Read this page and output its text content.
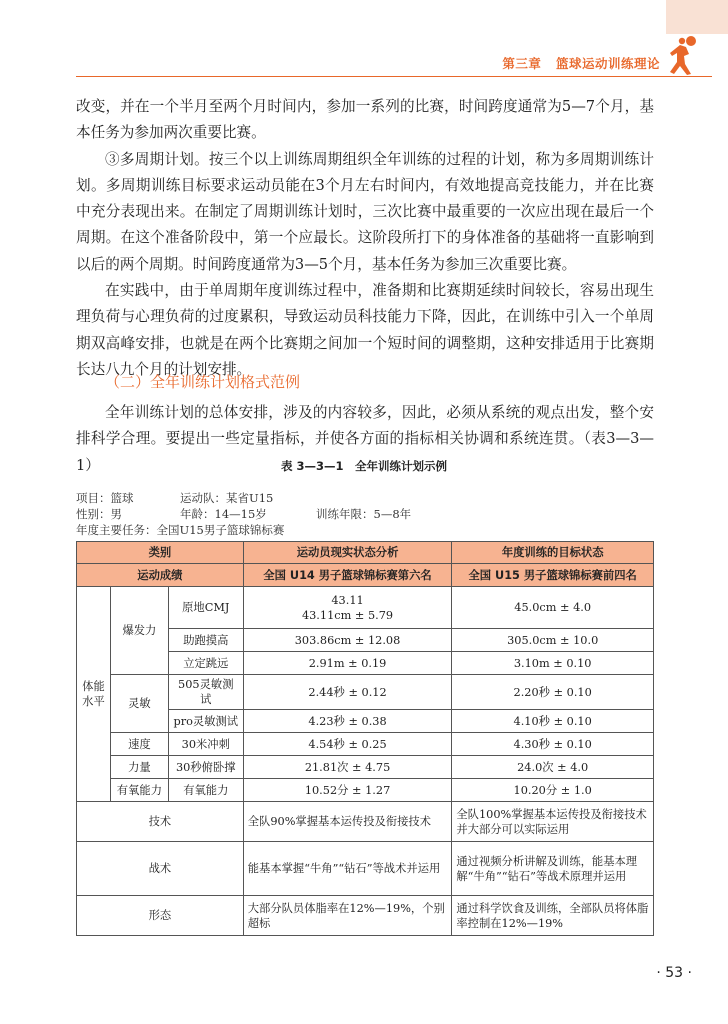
第三章 篮球运动训练理论

改变，并在一个半月至两个月时间内，参加一系列的比赛，时间跨度通常为5—7个月，基本任务为参加两次重要比赛。

③多周期计划。按三个以上训练周期组织全年训练的过程的计划，称为多周期训练计划。多周期训练目标要求运动员能在3个月左右时间内，有效地提高竞技能力，并在比赛中充分表现出来。在制定了周期训练计划时，三次比赛中最重要的一次应出现在最后一个周期。在这个准备阶段中，第一个应最长。这阶段所打下的身体准备的基础将一直影响到以后的两个周期。时间跨度通常为3—5个月，基本任务为参加三次重要比赛。

在实践中，由于单周期年度训练过程中，准备期和比赛期延续时间较长，容易出现生理负荷与心理负荷的过度累积，导致运动员科技能力下降，因此，在训练中引入一个单周期双高峰安排，也就是在两个比赛期之间加一个短时间的调整期，这种安排适用于比赛期长达八九个月的计划安排。

（二）全年训练计划格式范例

全年训练计划的总体安排，涉及的内容较多，因此，必须从系统的观点出发，整个安排科学合理。要提出一些定量指标，并使各方面的指标相关协调和系统连贯。（表3—3—1）	表 3—3—1　全年训练计划示例
项目：篮球	运动队：某省U15
性别：男	年龄：14—15岁	训练年限：5—8年
年度主要任务：全国U15男子篮球锦标赛
类别			运动员现实状态分析	年度训练的目标状态
运动成绩			全国 U14 男子篮球锦标赛第六名	全国 U15 男子篮球锦标赛前四名
体能水平	爆发力	原地CMJ	43.11
43.11cm ± 5.79	45.0cm ± 4.0
		助跑摸高	303.86cm ± 12.08	305.0cm ± 10.0
		立定跳远	2.91m ± 0.19	3.10m ± 0.10
	灵敏	505灵敏测试	2.44秒 ± 0.12	2.20秒 ± 0.10
		pro灵敏测试	4.23秒 ± 0.38	4.10秒 ± 0.10
	速度	30米冲刺	4.54秒 ± 0.25	4.30秒 ± 0.10
	力量	30秒俯卧撑	21.81次 ± 4.75	24.0次 ± 4.0
	有氧能力	有氧能力	10.52分 ± 1.27	10.20分 ± 1.0
技术			全队90%掌握基本运传投及衔接技术	全队100%掌握基本运传投及衔接技术并大部分可以实际运用
战术			能基本掌握“牛角”“钻石”等战术并运用	通过视频分析讲解及训练，能基本理解“牛角”“钻石”等战术原理并运用
形态			大部分队员体脂率在12%—19%，个别超标	通过科学饮食及训练，全部队员将体脂率控制在12%—19%
· 53 ·
